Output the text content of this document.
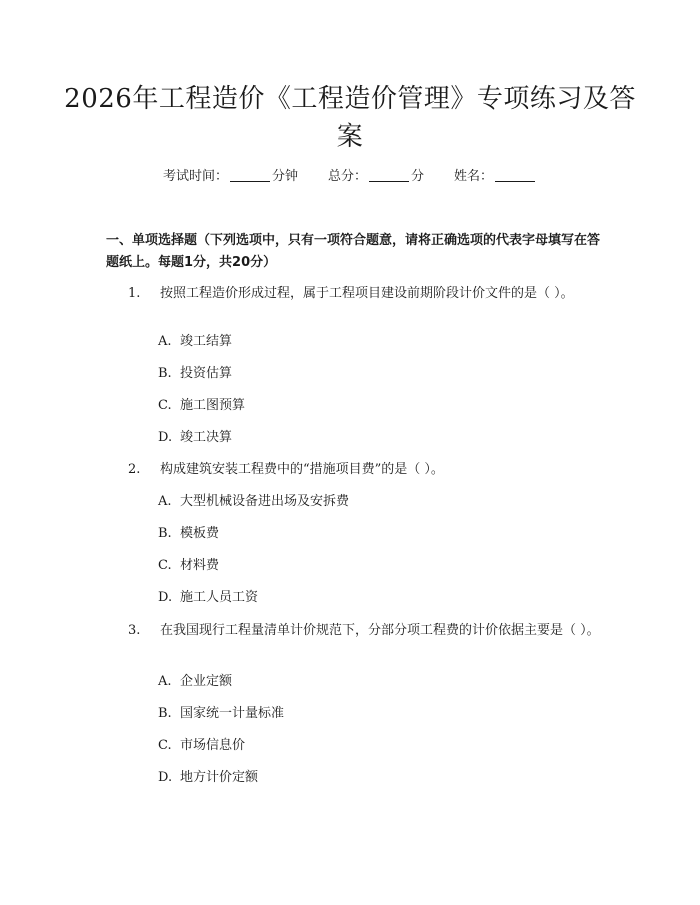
2026年工程造价《工程造价管理》专项练习及答案
考试时间：	分钟 总分：	分 姓名：
一、单项选择题（下列选项中，只有一项符合题意，请将正确选项的代表字母填写在答题纸上。每题1分，共20分）
1. 按照工程造价形成过程，属于工程项目建设前期阶段计价文件的是（ ）。
A. 竣工结算
B. 投资估算
C. 施工图预算
D. 竣工决算
2. 构成建筑安装工程费中的“措施项目费”的是（ ）。
A. 大型机械设备进出场及安拆费
B. 模板费
C. 材料费
D. 施工人员工资
3. 在我国现行工程量清单计价规范下，分部分项工程费的计价依据主要是（ ）。
A. 企业定额
B. 国家统一计量标准
C. 市场信息价
D. 地方计价定额
